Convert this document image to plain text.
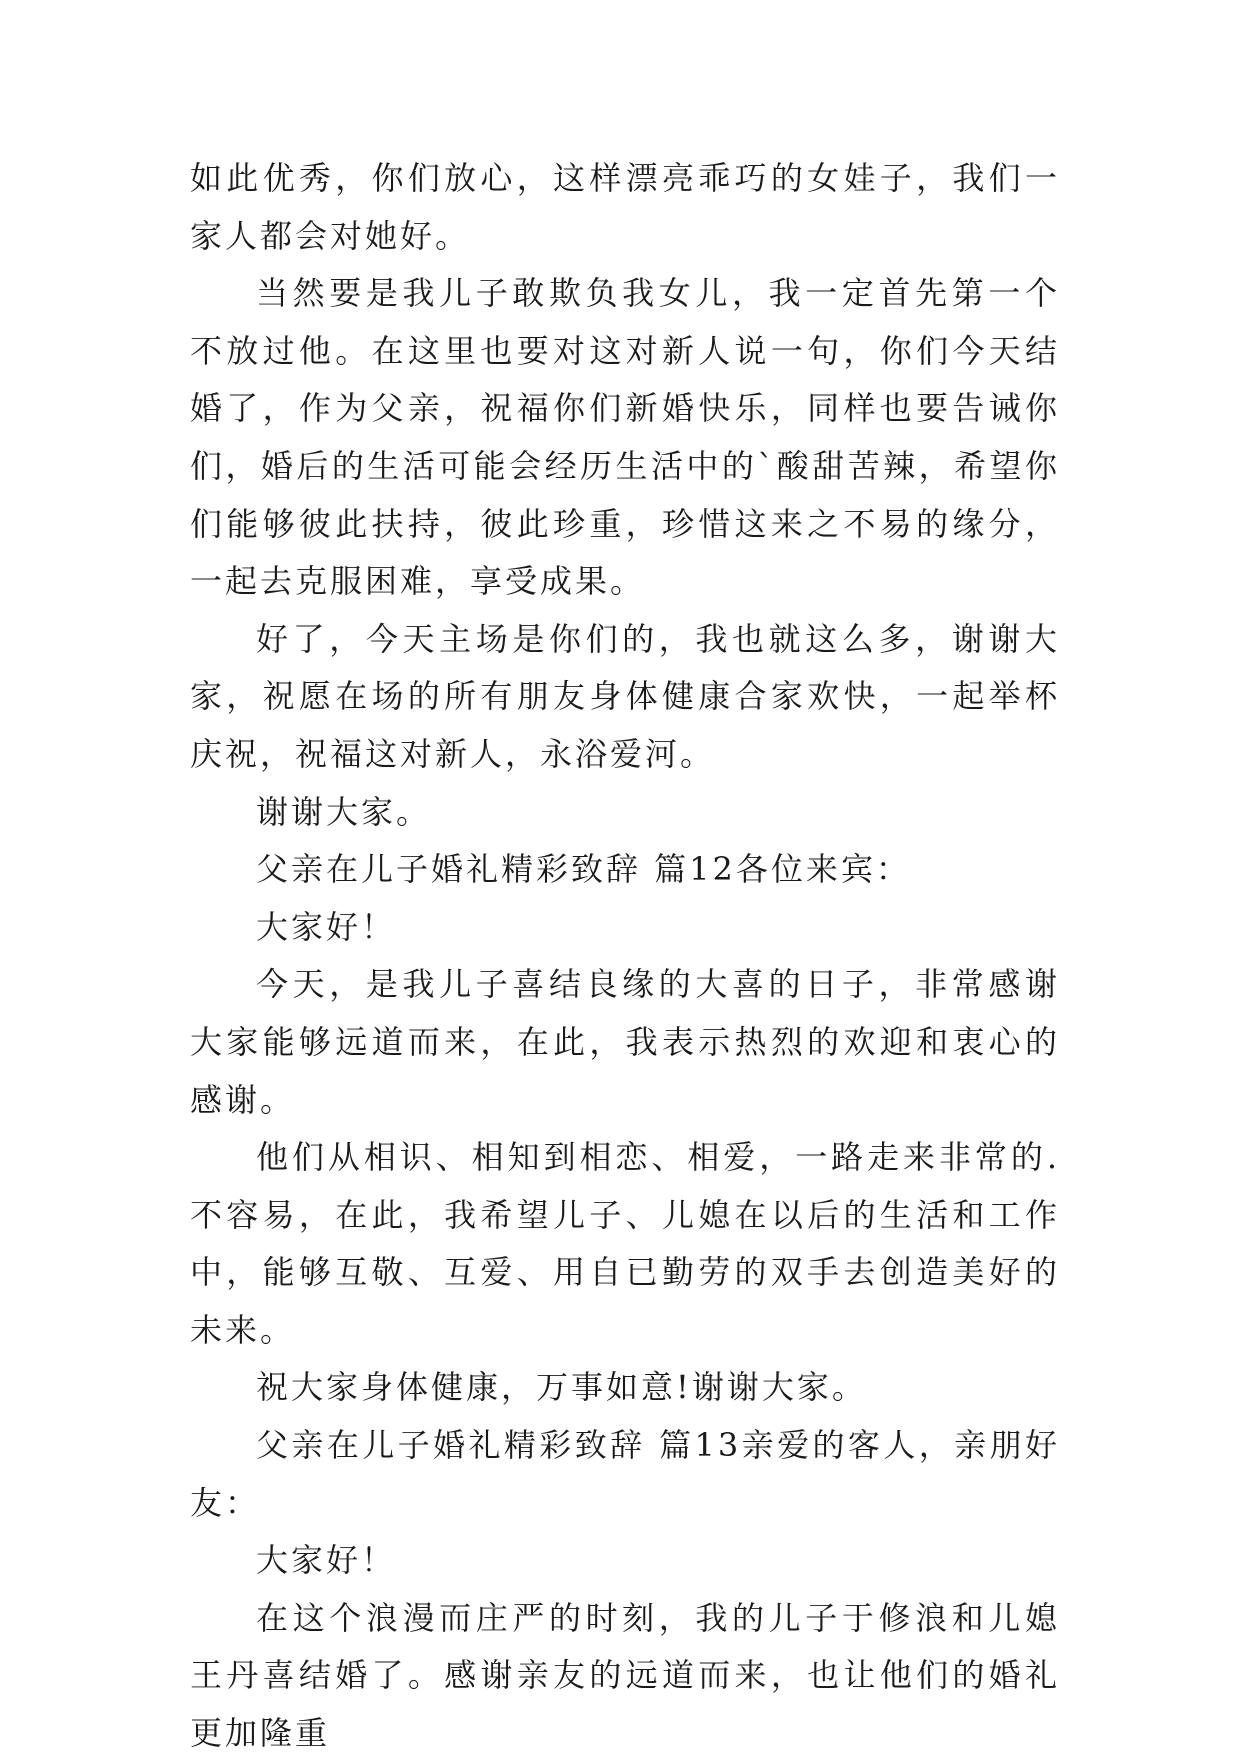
如此优秀，你们放心，这样漂亮乖巧的女娃子，我们一家人都会对她好。

当然要是我儿子敢欺负我女儿，我一定首先第一个不放过他。在这里也要对这对新人说一句，你们今天结婚了，作为父亲，祝福你们新婚快乐，同样也要告诫你们，婚后的生活可能会经历生活中的`酸甜苦辣，希望你们能够彼此扶持，彼此珍重，珍惜这来之不易的缘分，一起去克服困难，享受成果。

好了，今天主场是你们的，我也就这么多，谢谢大家，祝愿在场的所有朋友身体健康合家欢快，一起举杯庆祝，祝福这对新人，永浴爱河。

谢谢大家。

父亲在儿子婚礼精彩致辞 篇12各位来宾：

大家好！

今天，是我儿子喜结良缘的大喜的日子，非常感谢大家能够远道而来，在此，我表示热烈的欢迎和衷心的感谢。

他们从相识、相知到相恋、相爱，一路走来非常的.不容易，在此，我希望儿子、儿媳在以后的生活和工作中，能够互敬、互爱、用自已勤劳的双手去创造美好的未来。

祝大家身体健康，万事如意!谢谢大家。

父亲在儿子婚礼精彩致辞 篇13亲爱的客人，亲朋好友：

大家好！

在这个浪漫而庄严的时刻，我的儿子于修浪和儿媳王丹喜结婚了。感谢亲友的远道而来，也让他们的婚礼更加隆重
